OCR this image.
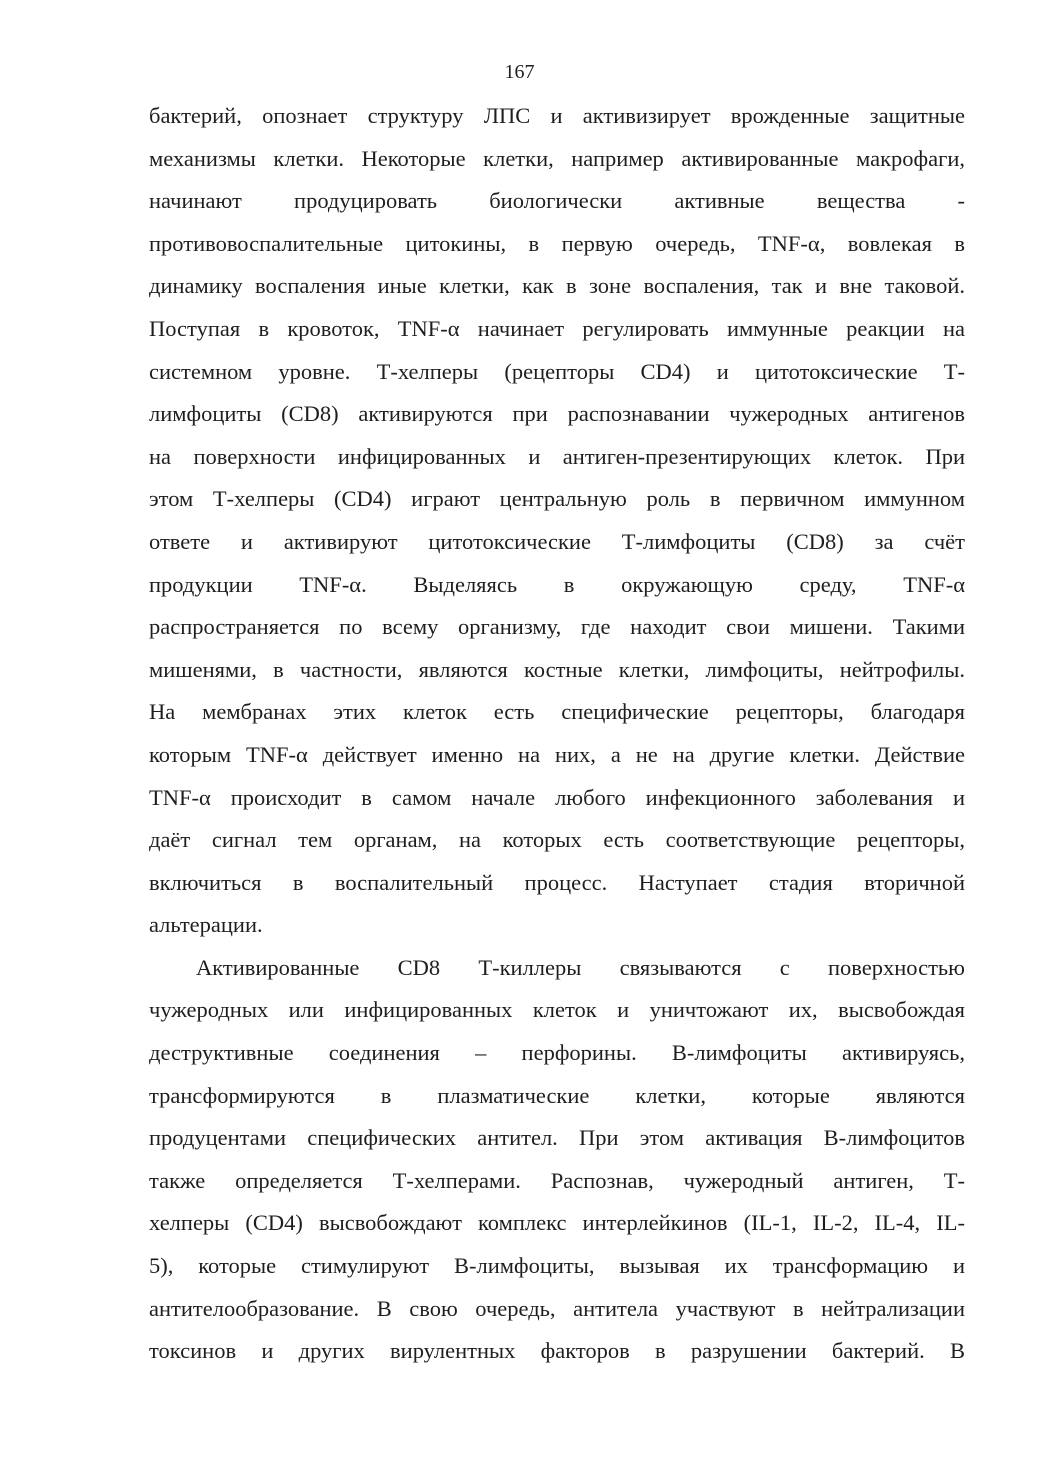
167
бактерий, опознает структуру ЛПС и активизирует врожденные защитные
механизмы клетки. Некоторые клетки, например активированные макрофаги,
начинают продуцировать биологически активные вещества -
противовоспалительные цитокины, в первую очередь, TNF-α, вовлекая в
динамику воспаления иные клетки, как в зоне воспаления, так и вне таковой.
Поступая в кровоток, TNF-α начинает регулировать иммунные реакции на
системном уровне. Т-хелперы (рецепторы CD4) и цитотоксические Т-
лимфоциты (CD8) активируются при распознавании чужеродных антигенов
на поверхности инфицированных и антиген-презентирующих клеток. При
этом Т-хелперы (CD4) играют центральную роль в первичном иммунном
ответе и активируют цитотоксические Т-лимфоциты (CD8) за счёт
продукции TNF-α. Выделяясь в окружающую среду, TNF-α
распространяется по всему организму, где находит свои мишени. Такими
мишенями, в частности, являются костные клетки, лимфоциты, нейтрофилы.
На мембранах этих клеток есть специфические рецепторы, благодаря
которым TNF-α действует именно на них, а не на другие клетки. Действие
TNF-α происходит в самом начале любого инфекционного заболевания и
даёт сигнал тем органам, на которых есть соответствующие рецепторы,
включиться в воспалительный процесс. Наступает стадия вторичной
альтерации.
Активированные CD8 Т-киллеры связываются с поверхностью
чужеродных или инфицированных клеток и уничтожают их, высвобождая
деструктивные соединения – перфорины. В-лимфоциты активируясь,
трансформируются в плазматические клетки, которые являются
продуцентами специфических антител. При этом активация В-лимфоцитов
также определяется Т-хелперами. Распознав, чужеродный антиген, Т-
хелперы (CD4) высвобождают комплекс интерлейкинов (IL-1, IL-2, IL-4, IL-
5), которые стимулируют В-лимфоциты, вызывая их трансформацию и
антителообразование. В свою очередь, антитела участвуют в нейтрализации
токсинов и других вирулентных факторов в разрушении бактерий. В
